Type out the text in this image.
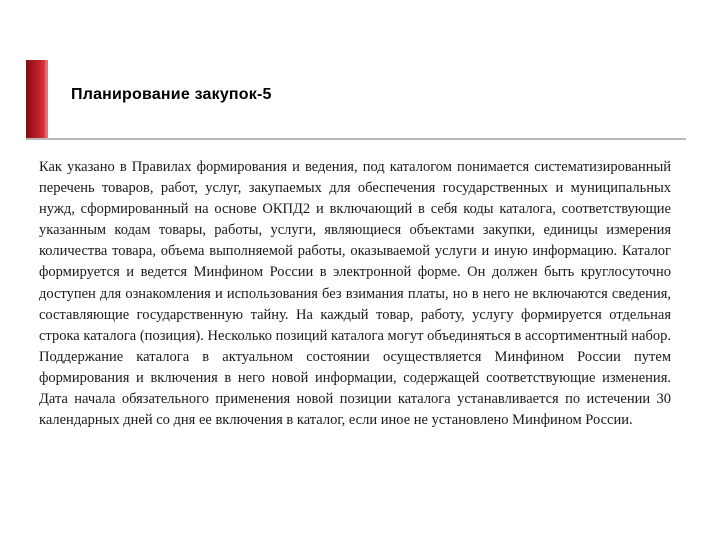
Планирование закупок-5

Как указано в Правилах формирования и ведения, под каталогом понимается систематизированный перечень товаров, работ, услуг, закупаемых для обеспечения государственных и муниципальных нужд, сформированный на основе ОКПД2 и включающий в себя коды каталога, соответствующие указанным кодам товары, работы, услуги, являющиеся объектами закупки, единицы измерения количества товара, объема выполняемой работы, оказываемой услуги и иную информацию. Каталог формируется и ведется Минфином России в электронной форме. Он должен быть круглосуточно доступен для ознакомления и использования без взимания платы, но в него не включаются сведения, составляющие государственную тайну. На каждый товар, работу, услугу формируется отдельная строка каталога (позиция). Несколько позиций каталога могут объединяться в ассортиментный набор. Поддержание каталога в актуальном состоянии осуществляется Минфином России путем формирования и включения в него новой информации, содержащей соответствующие изменения. Дата начала обязательного применения новой позиции каталога устанавливается по истечении 30 календарных дней со дня ее включения в каталог, если иное не установлено Минфином России.
